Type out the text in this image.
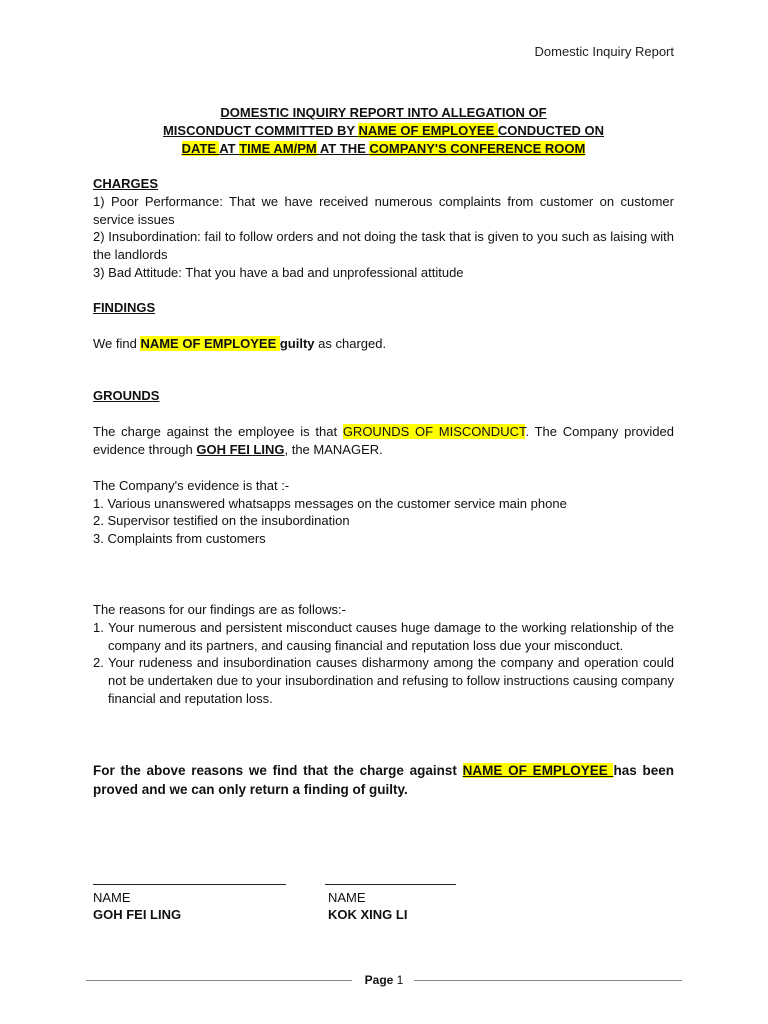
Domestic Inquiry Report
DOMESTIC INQUIRY REPORT INTO ALLEGATION OF
MISCONDUCT COMMITTED BY NAME OF EMPLOYEE CONDUCTED ON
DATE AT TIME AM/PM AT THE COMPANY'S CONFERENCE ROOM
CHARGES
1) Poor Performance: That we have received numerous complaints from customer on customer service issues
2) Insubordination: fail to follow orders and not doing the task that is given to you such as laising with the landlords
3) Bad Attitude: That you have a bad and unprofessional attitude
FINDINGS
We find NAME OF EMPLOYEE guilty as charged.
GROUNDS
The charge against the employee is that GROUNDS OF MISCONDUCT. The Company provided evidence through GOH FEI LING, the MANAGER.
The Company's evidence is that :-
1. Various unanswered whatsapps messages on the customer service main phone
2. Supervisor testified on the insubordination
3. Complaints from customers
The reasons for our findings are as follows:-
1. Your numerous and persistent misconduct causes huge damage to the working relationship of the company and its partners, and causing financial and reputation loss due your misconduct.
2. Your rudeness and insubordination causes disharmony among the company and operation could not be undertaken due to your insubordination and refusing to follow instructions causing company financial and reputation loss.
For the above reasons we find that the charge against NAME OF EMPLOYEE has been proved and we can only return a finding of guilty.
NAME
GOH FEI LING
NAME
KOK XING LI
Page 1
